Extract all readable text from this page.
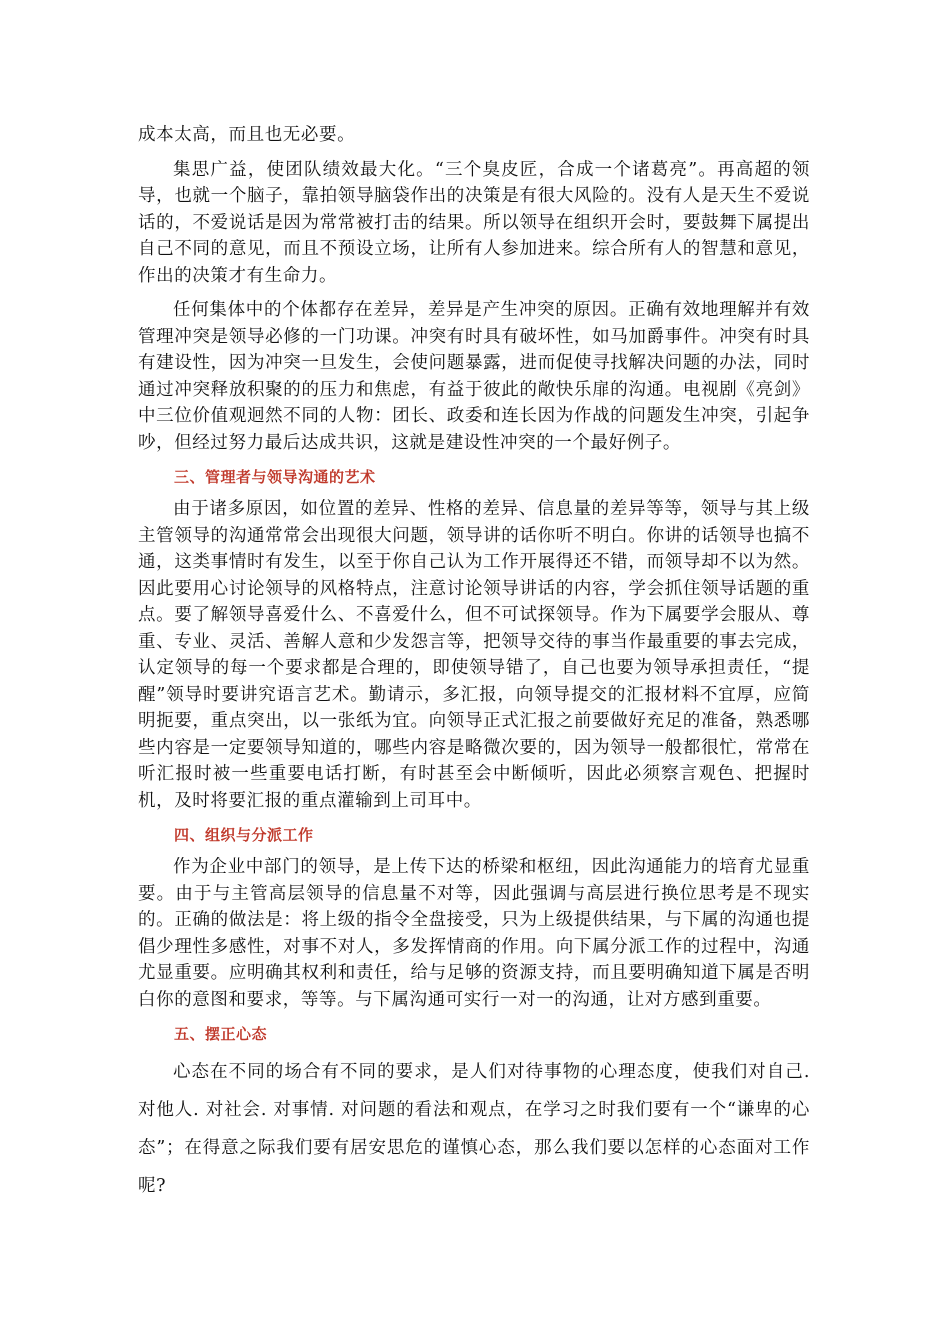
成本太高，而且也无必要。

集思广益，使团队绩效最大化。“三个臭皮匠，合成一个诸葛亮”。再高超的领导，也就一个脑子，靠拍领导脑袋作出的决策是有很大风险的。没有人是天生不爱说话的，不爱说话是因为常常被打击的结果。所以领导在组织开会时，要鼓舞下属提出自己不同的意见，而且不预设立场，让所有人参加进来。综合所有人的智慧和意见，作出的决策才有生命力。

任何集体中的个体都存在差异，差异是产生冲突的原因。正确有效地理解并有效管理冲突是领导必修的一门功课。冲突有时具有破坏性，如马加爵事件。冲突有时具有建设性，因为冲突一旦发生，会使问题暴露，进而促使寻找解决问题的办法，同时通过冲突释放积聚的的压力和焦虑，有益于彼此的敞快乐扉的沟通。电视剧《亮剑》中三位价值观迥然不同的人物：团长、政委和连长因为作战的问题发生冲突，引起争吵，但经过努力最后达成共识，这就是建设性冲突的一个最好例子。

三、管理者与领导沟通的艺术

由于诸多原因，如位置的差异、性格的差异、信息量的差异等等，领导与其上级主管领导的沟通常常会出现很大问题，领导讲的话你听不明白。你讲的话领导也搞不通，这类事情时有发生，以至于你自己认为工作开展得还不错，而领导却不以为然。因此要用心讨论领导的风格特点，注意讨论领导讲话的内容，学会抓住领导话题的重点。要了解领导喜爱什么、不喜爱什么，但不可试探领导。作为下属要学会服从、尊重、专业、灵活、善解人意和少发怨言等，把领导交待的事当作最重要的事去完成，认定领导的每一个要求都是合理的，即使领导错了，自己也要为领导承担责任，“提醒”领导时要讲究语言艺术。勤请示，多汇报，向领导提交的汇报材料不宜厚，应简明扼要，重点突出，以一张纸为宜。向领导正式汇报之前要做好充足的准备，熟悉哪些内容是一定要领导知道的，哪些内容是略微次要的，因为领导一般都很忙，常常在听汇报时被一些重要电话打断，有时甚至会中断倾听，因此必须察言观色、把握时机，及时将要汇报的重点灌输到上司耳中。

四、组织与分派工作

作为企业中部门的领导，是上传下达的桥梁和枢纽，因此沟通能力的培育尤显重要。由于与主管高层领导的信息量不对等，因此强调与高层进行换位思考是不现实的。正确的做法是：将上级的指令全盘接受，只为上级提供结果，与下属的沟通也提倡少理性多感性，对事不对人，多发挥情商的作用。向下属分派工作的过程中，沟通尤显重要。应明确其权利和责任，给与足够的资源支持，而且要明确知道下属是否明白你的意图和要求，等等。与下属沟通可实行一对一的沟通，让对方感到重要。

五、摆正心态

心态在不同的场合有不同的要求，是人们对待事物的心理态度，使我们对自己. 对他人. 对社会. 对事情. 对问题的看法和观点，在学习之时我们要有一个“谦卑的心态”；在得意之际我们要有居安思危的谨慎心态，那么我们要以怎样的心态面对工作呢?
